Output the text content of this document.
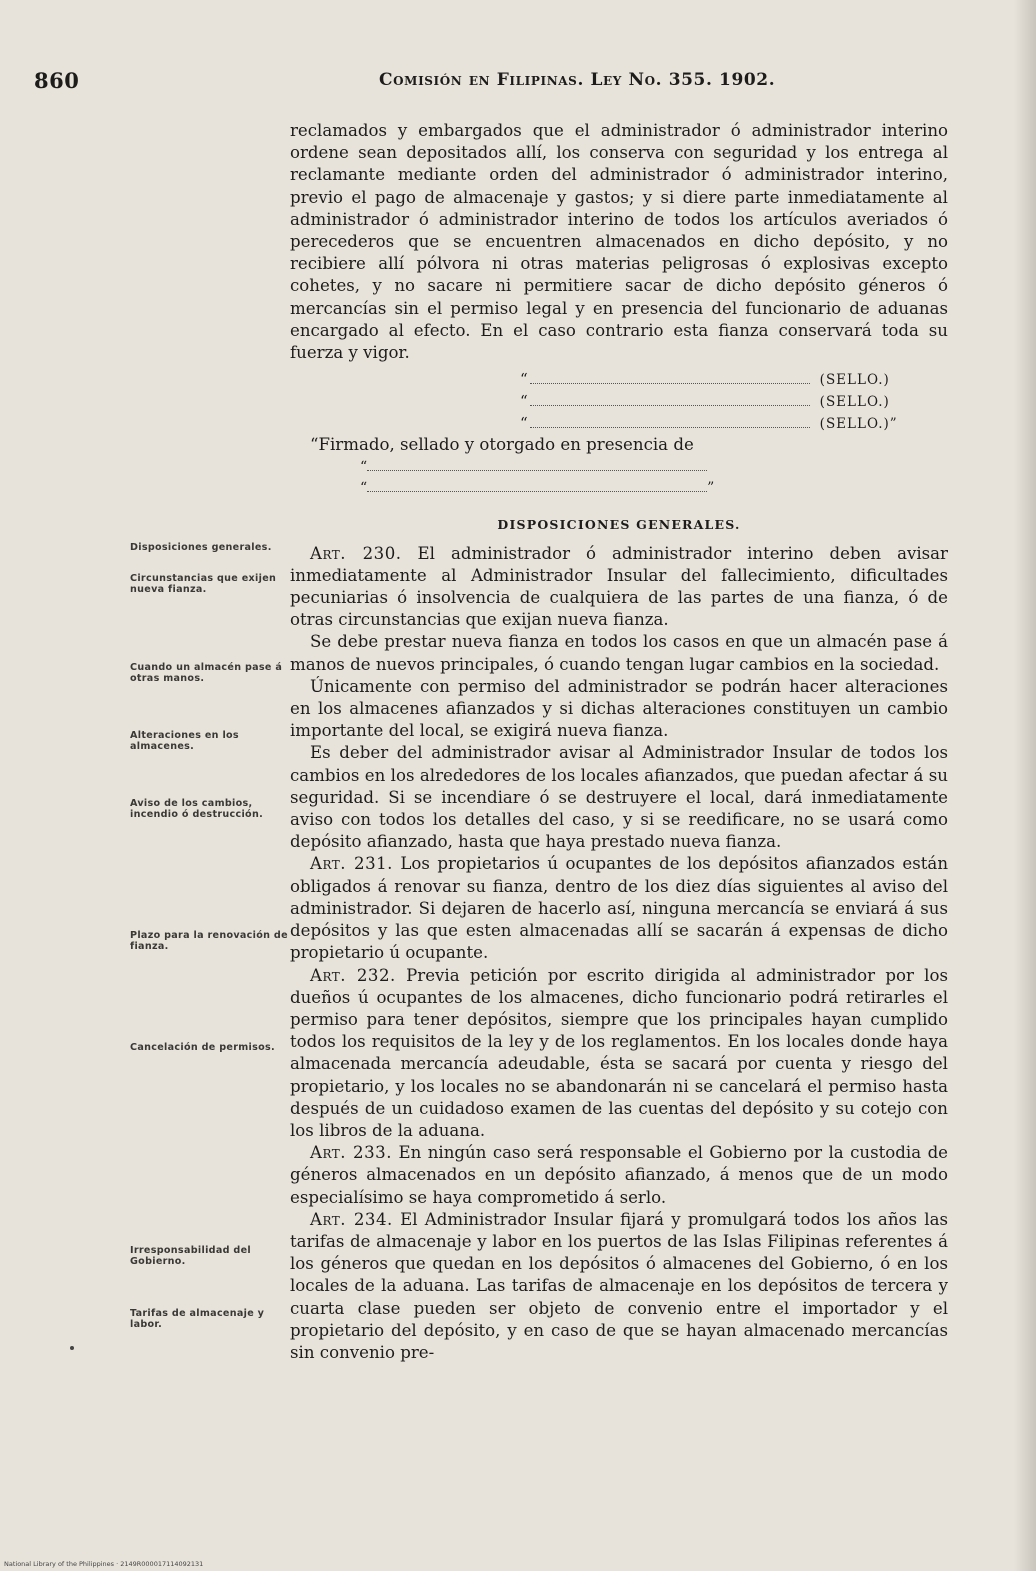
860	Comisión en Filipinas. Ley No. 355. 1902.
Disposiciones generales.
Circunstancias que exijen nueva fianza.
Cuando un almacén pase á otras manos.
Alteraciones en los almacenes.
Aviso de los cambios, incendio ó destrucción.
Plazo para la renovación de fianza.
Cancelación de permisos.
Irresponsabilidad del Gobierno.
Tarifas de almacenaje y labor.

reclamados y embargados que el administrador ó administrador interino ordene sean depositados allí, los conserva con seguridad y los entrega al reclamante mediante orden del administrador ó administrador interino, previo el pago de almacenaje y gastos; y si diere parte inmediatamente al administrador ó administrador interino de todos los artículos averiados ó perecederos que se encuentren almacenados en dicho depósito, y no recibiere allí pólvora ni otras materias peligrosas ó explosivas excepto cohetes, y no sacare ni permitiere sacar de dicho depósito géneros ó mercancías sin el permiso legal y en presencia del funcionario de aduanas encargado al efecto. En el caso contrario esta fianza conservará toda su fuerza y vigor.

“	(SELLO.)
“	(SELLO.)
“	(SELLO.)”

“Firmado, sellado y otorgado en presencia de

“
“	”
DISPOSICIONES GENERALES.

Art. 230. El administrador ó administrador interino deben avisar inmediatamente al Administrador Insular del fallecimiento, dificultades pecuniarias ó insolvencia de cualquiera de las partes de una fianza, ó de otras circunstancias que exijan nueva fianza.

Se debe prestar nueva fianza en todos los casos en que un almacén pase á manos de nuevos principales, ó cuando tengan lugar cambios en la sociedad.

Únicamente con permiso del administrador se podrán hacer alteraciones en los almacenes afianzados y si dichas alteraciones constituyen un cambio importante del local, se exigirá nueva fianza.

Es deber del administrador avisar al Administrador Insular de todos los cambios en los alrededores de los locales afianzados, que puedan afectar á su seguridad. Si se incendiare ó se destruyere el local, dará inmediatamente aviso con todos los detalles del caso, y si se reedificare, no se usará como depósito afianzado, hasta que haya prestado nueva fianza.

Art. 231. Los propietarios ú ocupantes de los depósitos afianzados están obligados á renovar su fianza, dentro de los diez días siguientes al aviso del administrador. Si dejaren de hacerlo así, ninguna mercancía se enviará á sus depósitos y las que esten almacenadas allí se sacarán á expensas de dicho propietario ú ocupante.

Art. 232. Previa petición por escrito dirigida al administrador por los dueños ú ocupantes de los almacenes, dicho funcionario podrá retirarles el permiso para tener depósitos, siempre que los principales hayan cumplido todos los requisitos de la ley y de los reglamentos. En los locales donde haya almacenada mercancía adeudable, ésta se sacará por cuenta y riesgo del propietario, y los locales no se abandonarán ni se cancelará el permiso hasta después de un cuidadoso examen de las cuentas del depósito y su cotejo con los libros de la aduana.

Art. 233. En ningún caso será responsable el Gobierno por la custodia de géneros almacenados en un depósito afianzado, á menos que de un modo especialísimo se haya comprometido á serlo.

Art. 234. El Administrador Insular fijará y promulgará todos los años las tarifas de almacenaje y labor en los puertos de las Islas Filipinas referentes á los géneros que quedan en los depósitos ó almacenes del Gobierno, ó en los locales de la aduana. Las tarifas de almacenaje en los depósitos de tercera y cuarta clase pueden ser objeto de convenio entre el importador y el propietario del depósito, y en caso de que se hayan almacenado mercancías sin convenio pre-

National Library of the Philippines · 2149R000017114092131
